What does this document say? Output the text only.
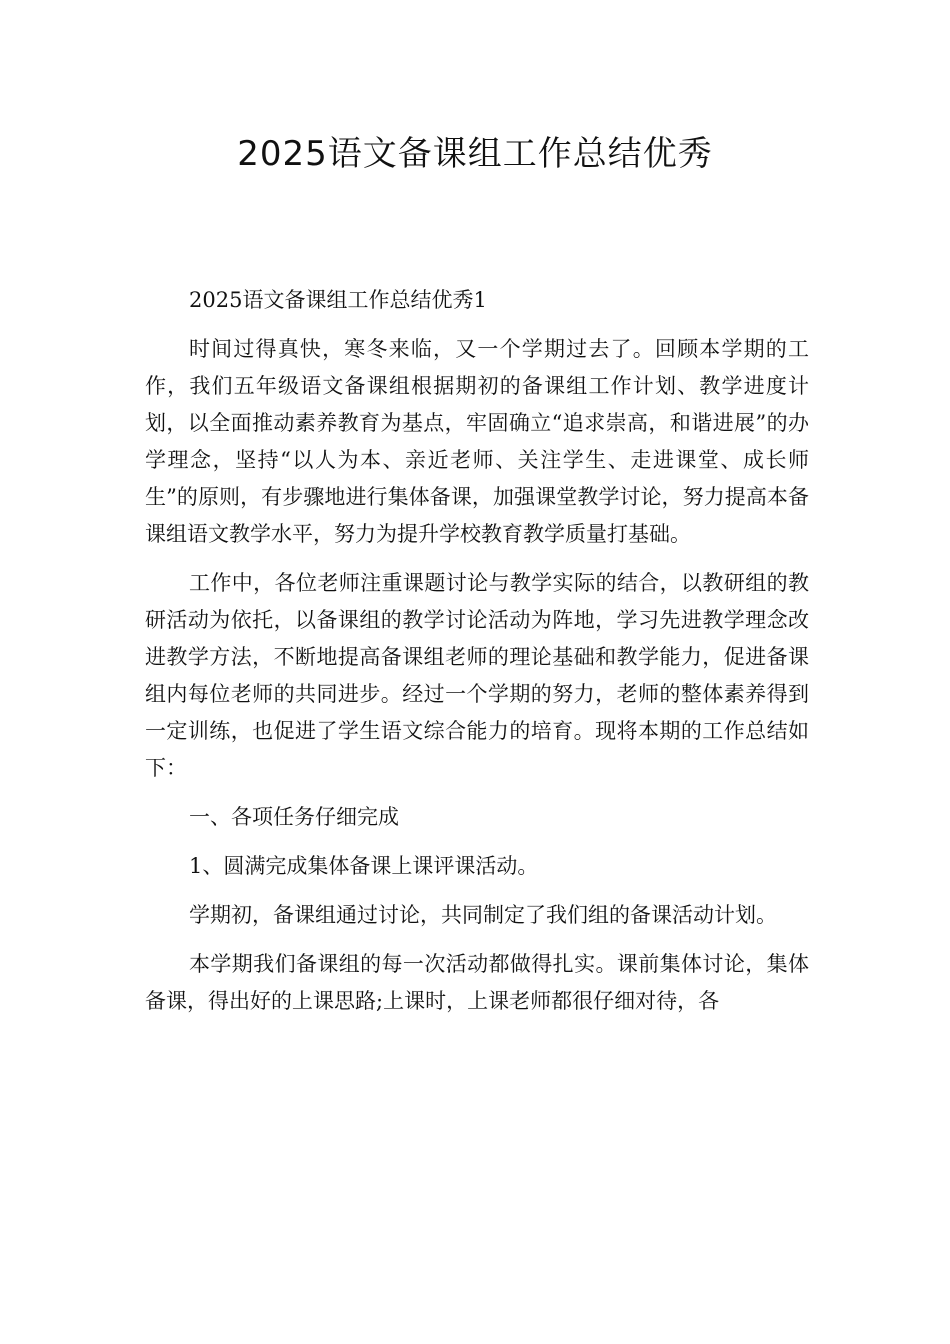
2025语文备课组工作总结优秀

2025语文备课组工作总结优秀1

时间过得真快，寒冬来临，又一个学期过去了。回顾本学期的工作，我们五年级语文备课组根据期初的备课组工作计划、教学进度计划，以全面推动素养教育为基点，牢固确立“追求崇高，和谐进展”的办学理念，坚持“以人为本、亲近老师、关注学生、走进课堂、成长师生”的原则，有步骤地进行集体备课，加强课堂教学讨论，努力提高本备课组语文教学水平，努力为提升学校教育教学质量打基础。

工作中，各位老师注重课题讨论与教学实际的结合，以教研组的教研活动为依托，以备课组的教学讨论活动为阵地，学习先进教学理念改进教学方法，不断地提高备课组老师的理论基础和教学能力，促进备课组内每位老师的共同进步。经过一个学期的努力，老师的整体素养得到一定训练，也促进了学生语文综合能力的培育。现将本期的工作总结如下：

一、各项任务仔细完成

1、圆满完成集体备课上课评课活动。

学期初，备课组通过讨论，共同制定了我们组的备课活动计划。

本学期我们备课组的每一次活动都做得扎实。课前集体讨论，集体备课，得出好的上课思路;上课时，上课老师都很仔细对待，各
